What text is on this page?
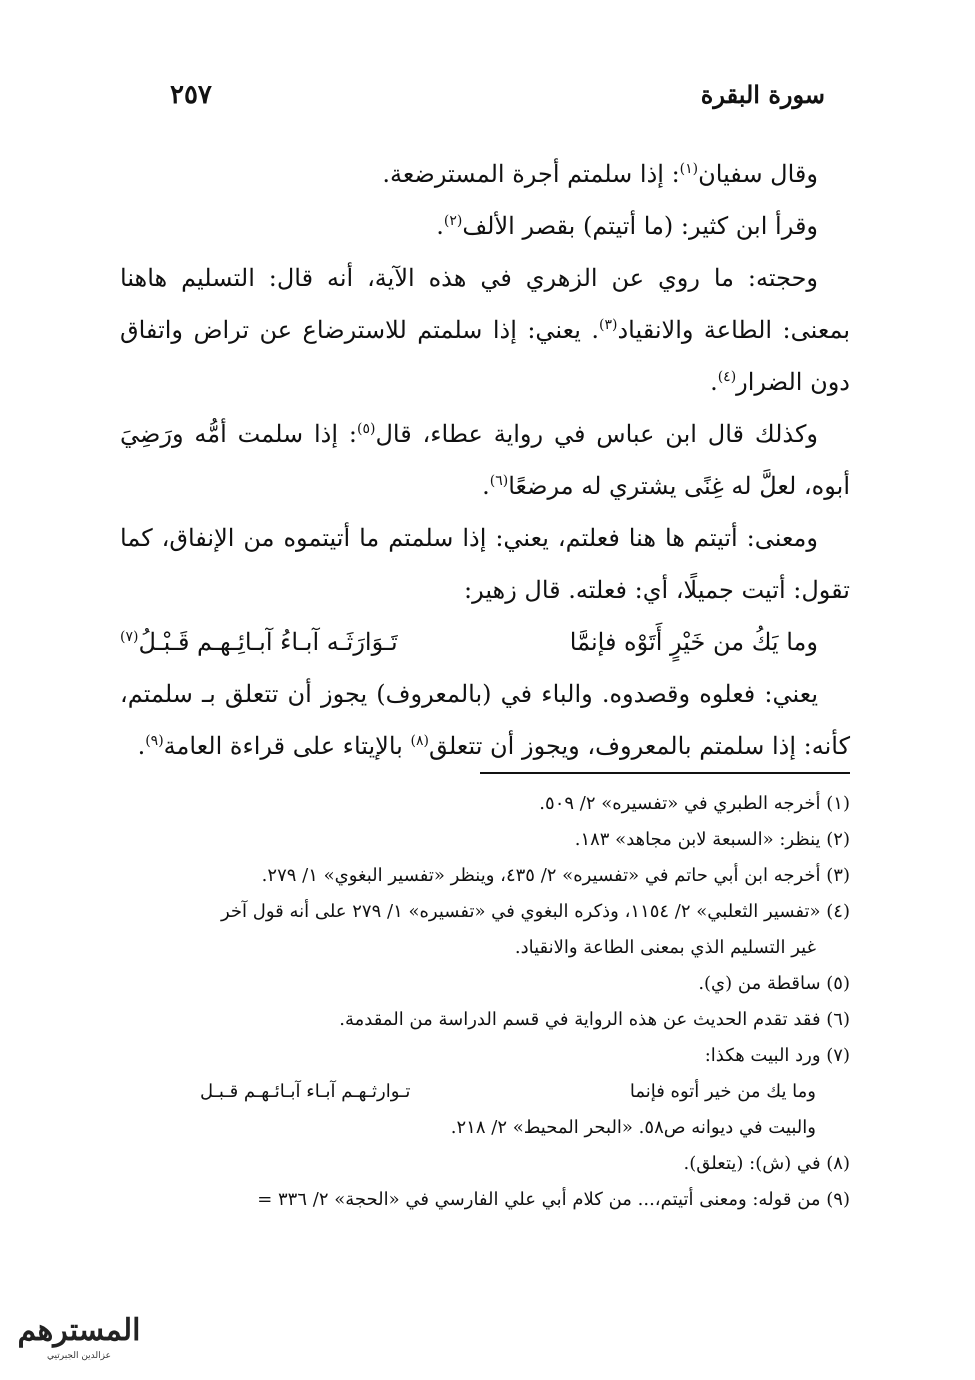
سورة البقرة
٢٥٧

وقال سفيان$^{(١)}$: إذا سلمتم أجرة المسترضعة.

وقرأ ابن كثير: (ما أتيتم) بقصر الألف$^{(٢)}$.

وحجته: ما روي عن الزهري في هذه الآية، أنه قال: التسليم هاهنا بمعنى: الطاعة والانقياد$^{(٣)}$. يعني: إذا سلمتم للاسترضاع عن تراض واتفاق دون الضرار$^{(٤)}$.

وكذلك قال ابن عباس في رواية عطاء، قال$^{(٥)}$: إذا سلمت أمُّه ورَضِيَ أبوه، لعلَّ له غِنًى يشتري له مرضعًا$^{(٦)}$.

ومعنى: أتيتم ها هنا فعلتم، يعني: إذا سلمتم ما أتيتموه من الإنفاق، كما تقول: أتيت جميلًا، أي: فعلته. قال زهير:

وما يَكُ من خَيْرٍ أَتَوْه فإنمَّا
تَـوَارَثَـه آبـاءُ آبـائِـهـم قَـبْـلُ$^{(٧)}$

يعني: فعلوه وقصدوه. والباء في (بالمعروف) يجوز أن تتعلق بـ سلمتم، كأنه: إذا سلمتم بالمعروف، ويجوز أن تتعلق$^{(٨)}$ بالإيتاء على قراءة العامة$^{(٩)}$.

(١) أخرجه الطبري في «تفسيره» ٢/ ٥٠٩.

(٢) ينظر: «السبعة لابن مجاهد» ١٨٣.

(٣) أخرجه ابن أبي حاتم في «تفسيره» ٢/ ٤٣٥، وينظر «تفسير البغوي» ١/ ٢٧٩.

(٤) «تفسير الثعلبي» ٢/ ١١٥٤، وذكره البغوي في «تفسيره» ١/ ٢٧٩ على أنه قول آخر

غير التسليم الذي بمعنى الطاعة والانقياد.

(٥) ساقطة من (ي).

(٦) فقد تقدم الحديث عن هذه الرواية في قسم الدراسة من المقدمة.

(٧) ورد البيت هكذا:

وما يك من خير أتوه فإنما
تـوارثـهـم آبـاء آبـائـهـم قـبـل

والبيت في ديوانه ص٥٨. «البحر المحيط» ٢/ ٢١٨.

(٨) في (ش): (يتعلق).

(٩) من قوله: ومعنى أتيتم،... من كلام أبي علي الفارسي في «الحجة» ٢/ ٣٣٦ =

المسترهم
عزالدين الجبرتيي
